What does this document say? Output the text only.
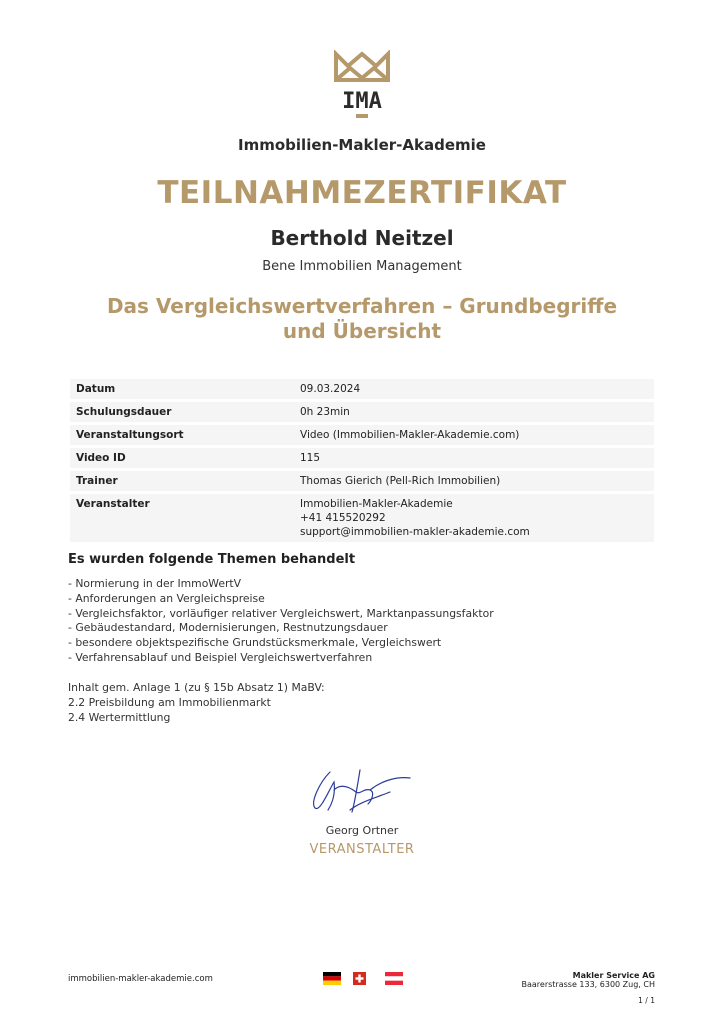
IMA
Immobilien-Makler-Akademie
TEILNAHMEZERTIFIKAT
Berthold Neitzel
Bene Immobilien Management
Das Vergleichswertverfahren – Grundbegriffe
und Übersicht
Datum	09.03.2024
Schulungsdauer	0h 23min
Veranstaltungsort	Video (Immobilien-Makler-Akademie.com)
Video ID	115
Trainer	Thomas Gierich (Pell-Rich Immobilien)
Veranstalter	Immobilien-Makler-Akademie
+41 415520292
support@immobilien-makler-akademie.com
Es wurden folgende Themen behandelt
- Normierung in der ImmoWertV
- Anforderungen an Vergleichspreise
- Vergleichsfaktor, vorläufiger relativer Vergleichswert, Marktanpassungsfaktor
- Gebäudestandard, Modernisierungen, Restnutzungsdauer
- besondere objektspezifische Grundstücksmerkmale, Vergleichswert
- Verfahrensablauf und Beispiel Vergleichswertverfahren
Inhalt gem. Anlage 1 (zu § 15b Absatz 1) MaBV:
2.2 Preisbildung am Immobilienmarkt
2.4 Wertermittlung
Georg Ortner
VERANSTALTER
immobilien-makler-akademie.com	Makler Service AG
Baarerstrasse 133, 6300 Zug, CH
1 / 1
